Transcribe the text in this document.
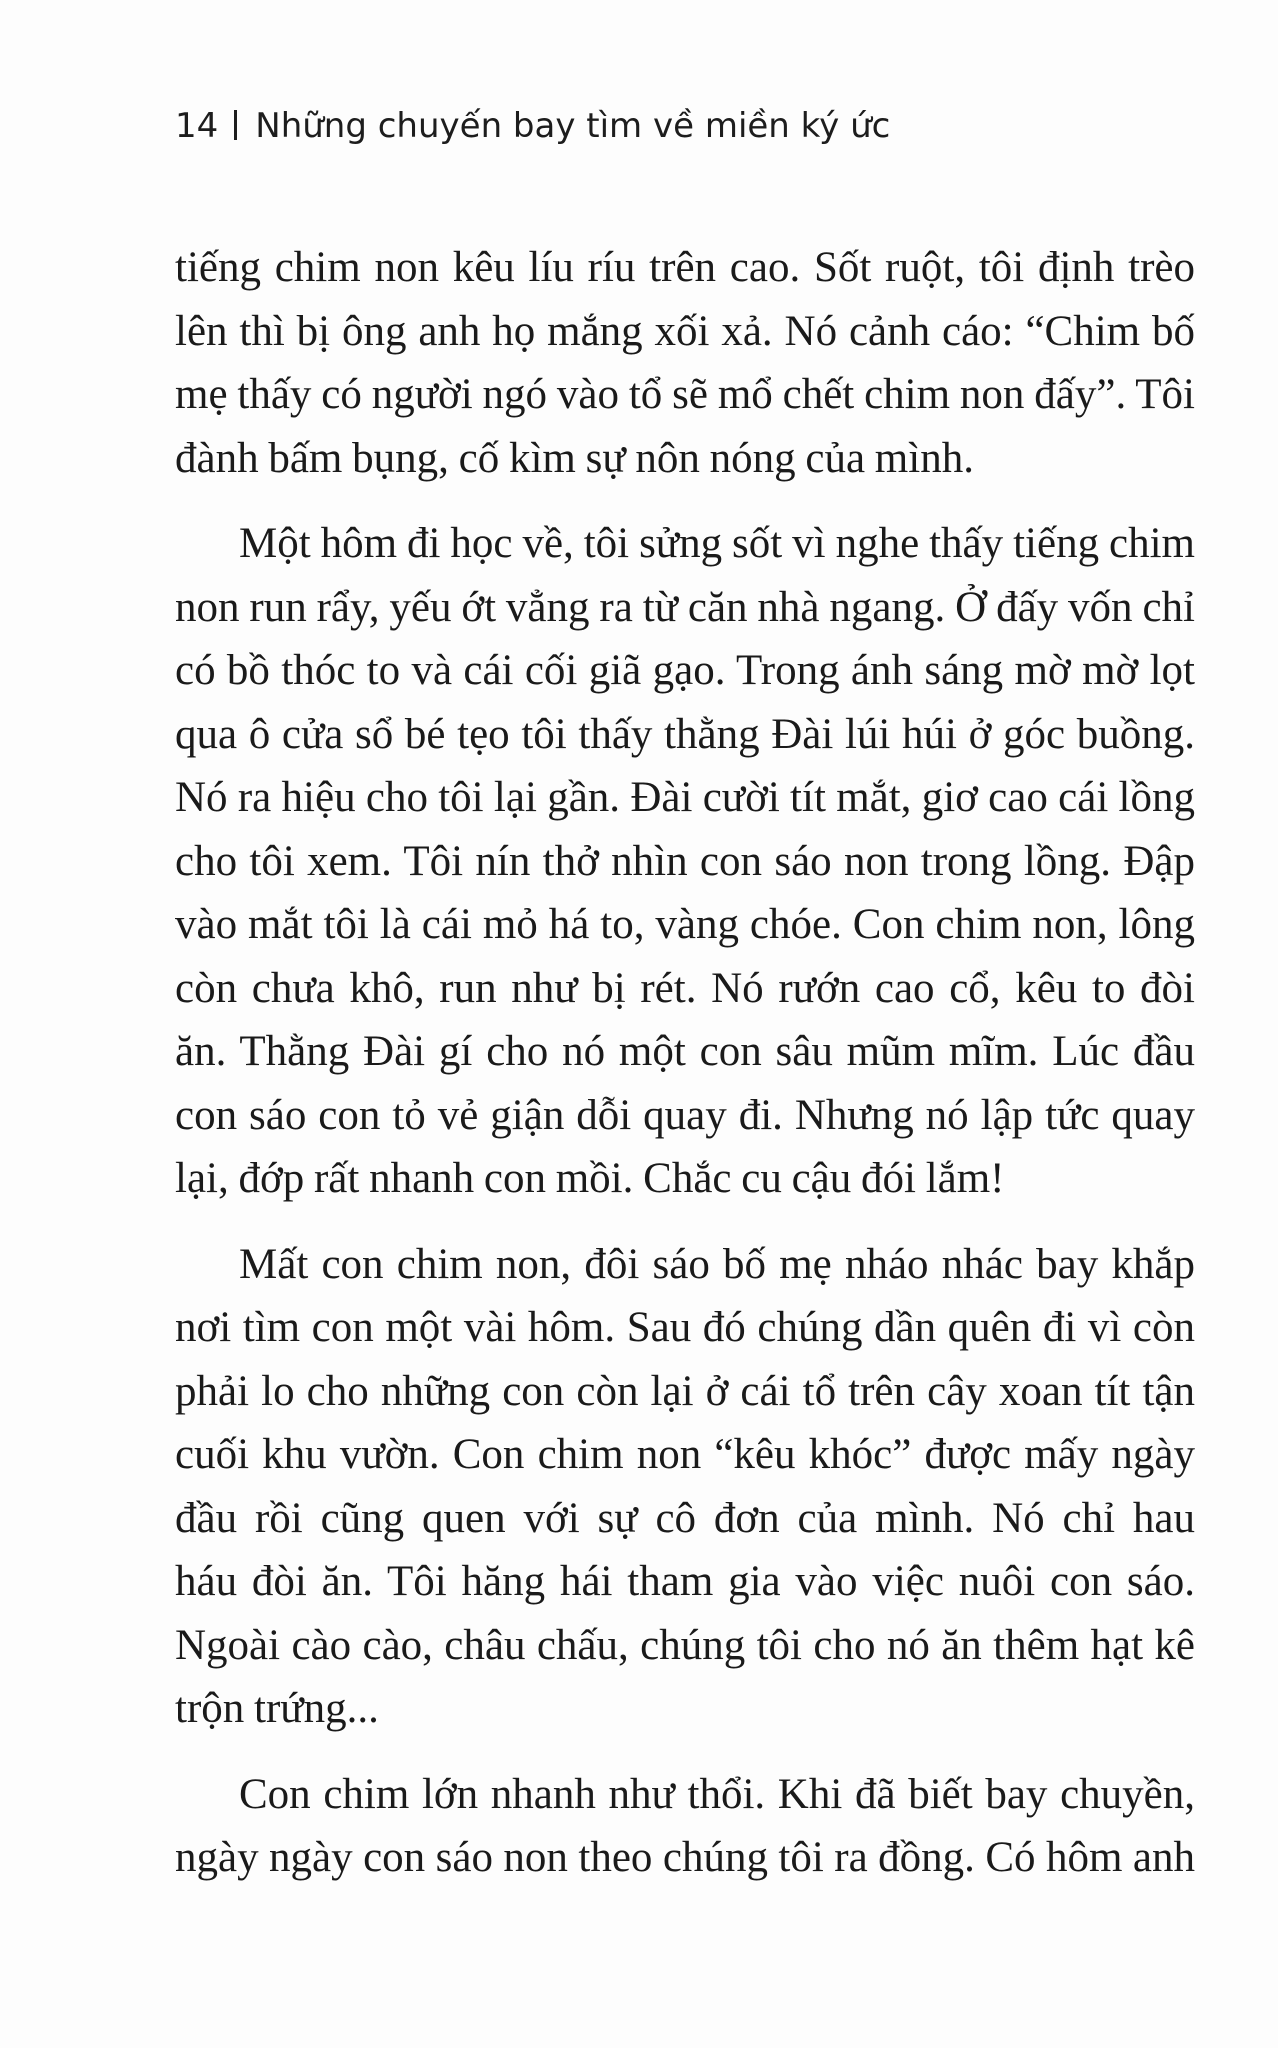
14 Những chuyến bay tìm về miền ký ức

tiếng chim non kêu líu ríu trên cao. Sốt ruột, tôi định trèo
lên thì bị ông anh họ mắng xối xả. Nó cảnh cáo: “Chim bố
mẹ thấy có người ngó vào tổ sẽ mổ chết chim non đấy”. Tôi
đành bấm bụng, cố kìm sự nôn nóng của mình.

Một hôm đi học về, tôi sửng sốt vì nghe thấy tiếng chim
non run rẩy, yếu ớt vẳng ra từ căn nhà ngang. Ở đấy vốn chỉ
có bồ thóc to và cái cối giã gạo. Trong ánh sáng mờ mờ lọt
qua ô cửa sổ bé tẹo tôi thấy thằng Đài lúi húi ở góc buồng.
Nó ra hiệu cho tôi lại gần. Đài cười tít mắt, giơ cao cái lồng
cho tôi xem. Tôi nín thở nhìn con sáo non trong lồng. Đập
vào mắt tôi là cái mỏ há to, vàng chóe. Con chim non, lông
còn chưa khô, run như bị rét. Nó rướn cao cổ, kêu to đòi
ăn. Thằng Đài gí cho nó một con sâu mũm mĩm. Lúc đầu
con sáo con tỏ vẻ giận dỗi quay đi. Nhưng nó lập tức quay
lại, đớp rất nhanh con mồi. Chắc cu cậu đói lắm!

Mất con chim non, đôi sáo bố mẹ nháo nhác bay khắp
nơi tìm con một vài hôm. Sau đó chúng dần quên đi vì còn
phải lo cho những con còn lại ở cái tổ trên cây xoan tít tận
cuối khu vườn. Con chim non “kêu khóc” được mấy ngày
đầu rồi cũng quen với sự cô đơn của mình. Nó chỉ hau
háu đòi ăn. Tôi hăng hái tham gia vào việc nuôi con sáo.
Ngoài cào cào, châu chấu, chúng tôi cho nó ăn thêm hạt kê
trộn trứng...

Con chim lớn nhanh như thổi. Khi đã biết bay chuyền,
ngày ngày con sáo non theo chúng tôi ra đồng. Có hôm anh
